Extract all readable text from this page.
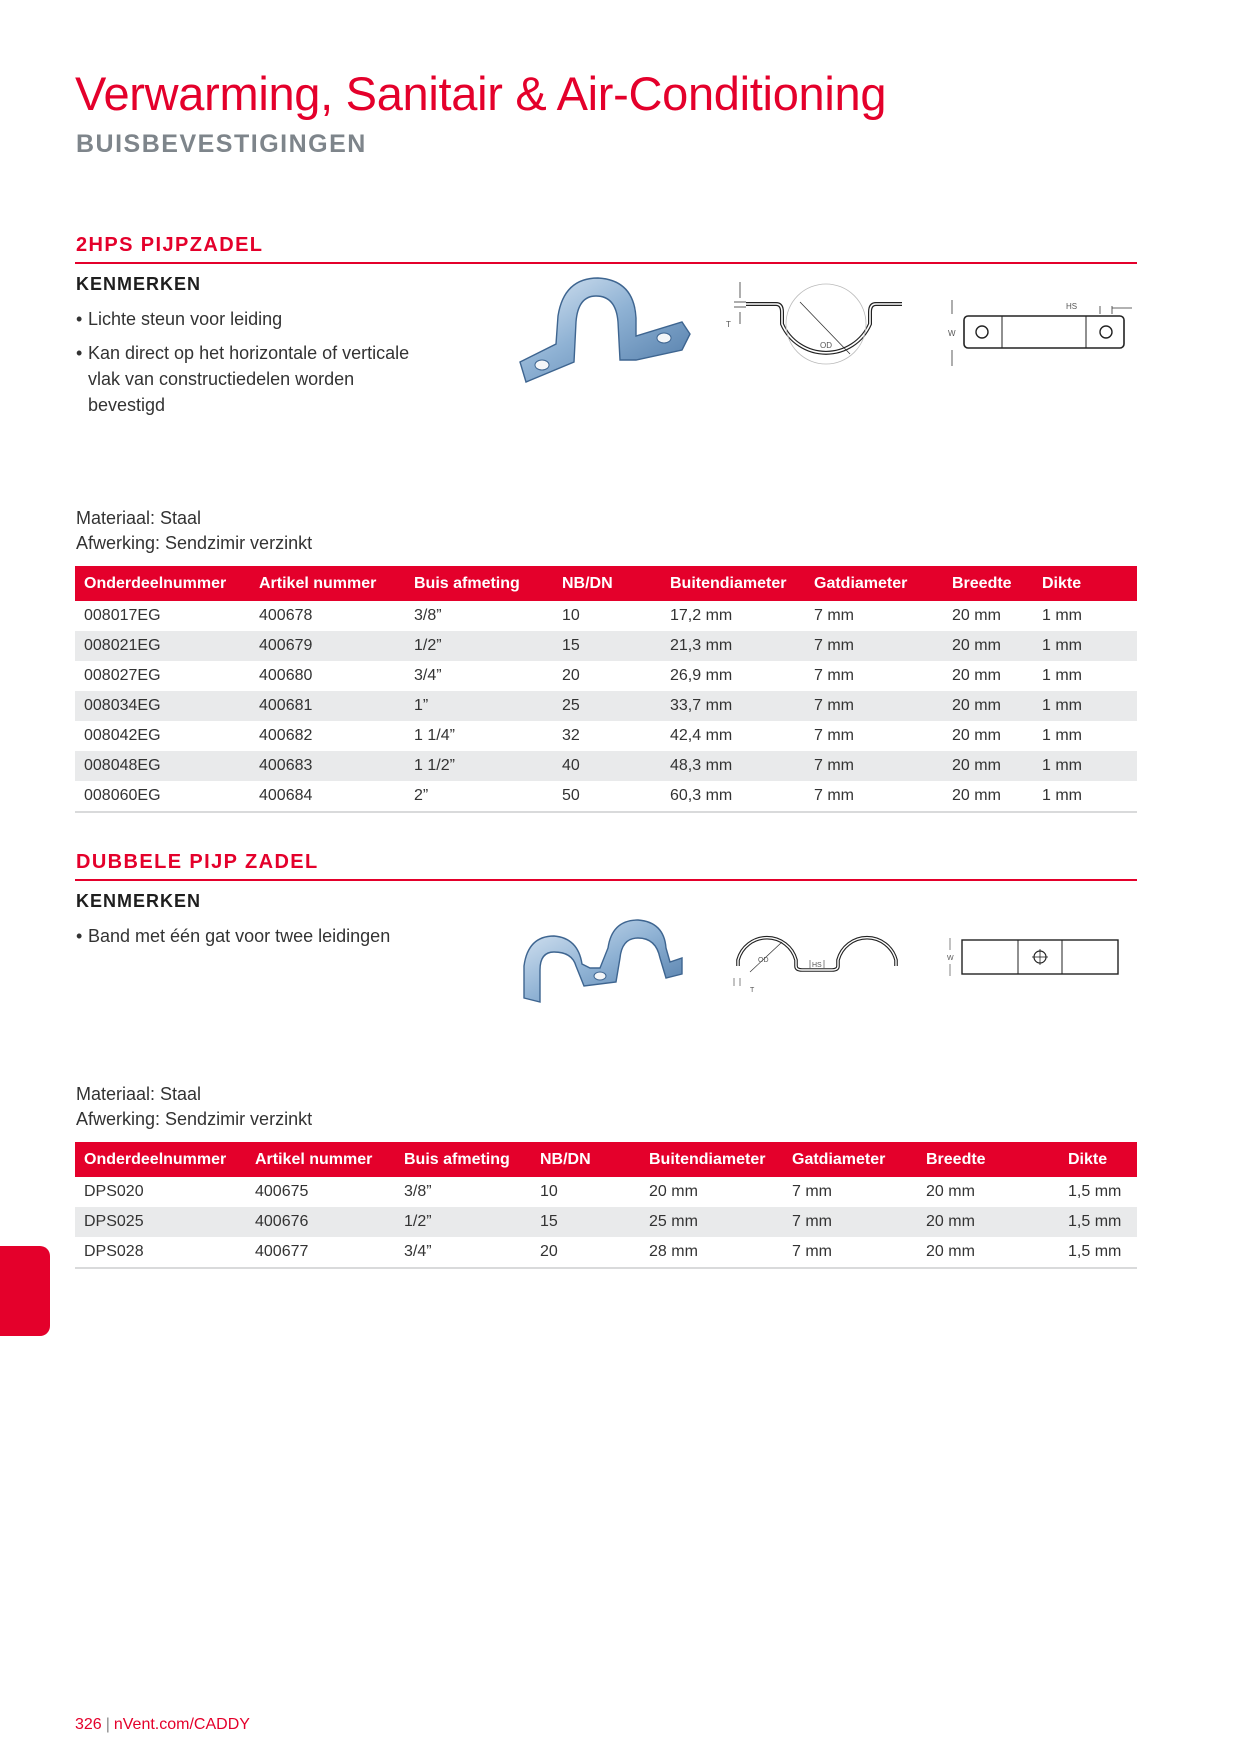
Verwarming, Sanitair & Air-Conditioning
BUISBEVESTIGINGEN
2HPS PIJPZADEL
KENMERKEN
• Lichte steun voor leiding
• Kan direct op het horizontale of verticale vlak van constructiedelen worden bevestigd
T
OD
W
HS
Materiaal: Staal
Afwerking: Sendzimir verzinkt
Onderdeelnummer	Artikel nummer	Buis afmeting	NB/DN	Buitendiameter	Gatdiameter	Breedte	Dikte
008017EG	400678	3/8”	10	17,2 mm	7 mm	20 mm	1 mm
008021EG	400679	1/2”	15	21,3 mm	7 mm	20 mm	1 mm
008027EG	400680	3/4”	20	26,9 mm	7 mm	20 mm	1 mm
008034EG	400681	1”	25	33,7 mm	7 mm	20 mm	1 mm
008042EG	400682	1 1/4”	32	42,4 mm	7 mm	20 mm	1 mm
008048EG	400683	1 1/2”	40	48,3 mm	7 mm	20 mm	1 mm
008060EG	400684	2”	50	60,3 mm	7 mm	20 mm	1 mm
DUBBELE PIJP ZADEL
KENMERKEN
• Band met één gat voor twee leidingen
OD
HS
T
W
Materiaal: Staal
Afwerking: Sendzimir verzinkt
Onderdeelnummer	Artikel nummer	Buis afmeting	NB/DN	Buitendiameter	Gatdiameter	Breedte	Dikte
DPS020	400675	3/8”	10	20 mm	7 mm	20 mm	1,5 mm
DPS025	400676	1/2”	15	25 mm	7 mm	20 mm	1,5 mm
DPS028	400677	3/4”	20	28 mm	7 mm	20 mm	1,5 mm
326 | nVent.com/CADDY
